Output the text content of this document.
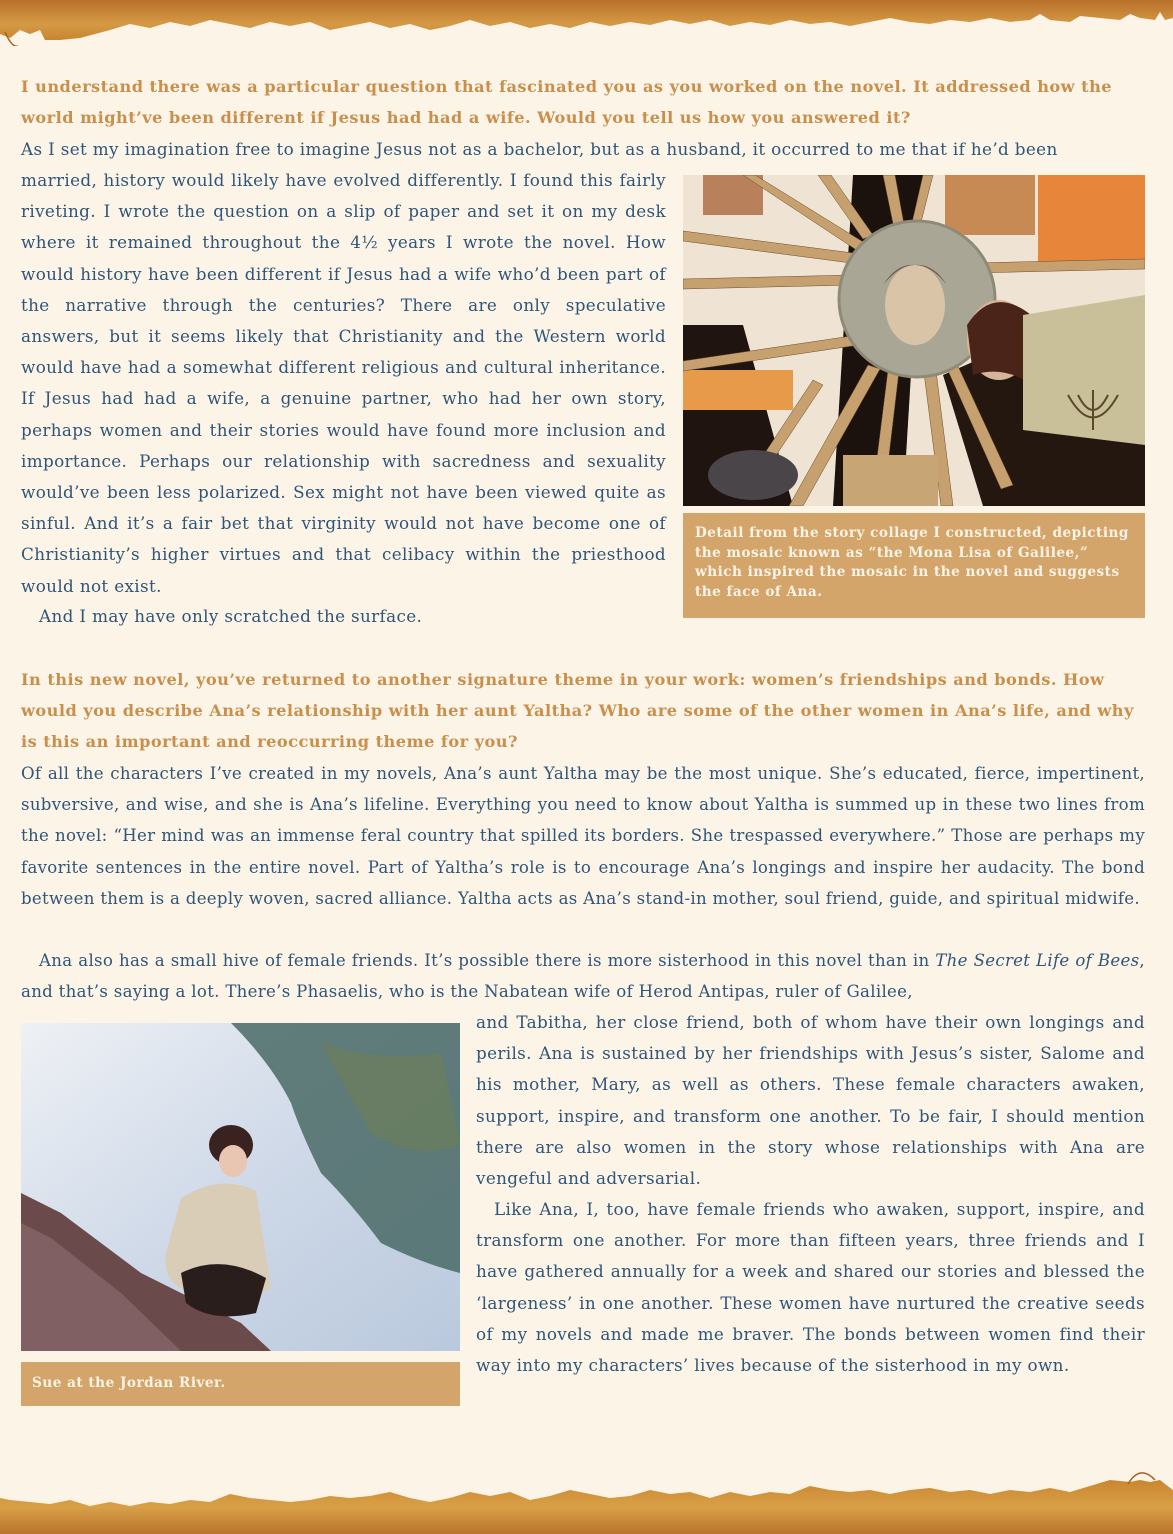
I understand there was a particular question that fascinated you as you worked on the novel. It addressed how the world might’ve been different if Jesus had had a wife. Would you tell us how you answered it?

As I set my imagination free to imagine Jesus not as a bachelor, but as a husband, it occurred to me that if he’d been

married, history would likely have evolved differently. I found this fairly riveting. I wrote the question on a slip of paper and set it on my desk where it remained throughout the 4½ years I wrote the novel. How would history have been different if Jesus had a wife who’d been part of the narrative through the centuries? There are only speculative answers, but it seems likely that Christianity and the Western world would have had a somewhat different religious and cultural inheritance. If Jesus had had a wife, a genuine partner, who had her own story, perhaps women and their stories would have found more inclusion and importance. Perhaps our relationship with sacredness and sexuality would’ve been less polarized. Sex might not have been viewed quite as sinful. And it’s a fair bet that virginity would not have become one of Christianity’s higher virtues and that celibacy within the priesthood would not exist.

And I may have only scratched the surface.

Detail from the story collage I constructed, depicting the mosaic known as “the Mona Lisa of Galilee,” which inspired the mosaic in the novel and suggests the face of Ana.

In this new novel, you’ve returned to another signature theme in your work: women’s friendships and bonds. How would you describe Ana’s relationship with her aunt Yaltha? Who are some of the other women in Ana’s life, and why is this an important and reoccurring theme for you?

Of all the characters I’ve created in my novels, Ana’s aunt Yaltha may be the most unique. She’s educated, fierce, impertinent, subversive, and wise, and she is Ana’s lifeline. Everything you need to know about Yaltha is summed up in these two lines from the novel: “Her mind was an immense feral country that spilled its borders. She trespassed everywhere.” Those are perhaps my favorite sentences in the entire novel. Part of Yaltha’s role is to encourage Ana’s longings and inspire her audacity. The bond between them is a deeply woven, sacred alliance. Yaltha acts as Ana’s stand-in mother, soul friend, guide, and spiritual midwife.

Ana also has a small hive of female friends. It’s possible there is more sisterhood in this novel than in The Secret Life of Bees, and that’s saying a lot. There’s Phasaelis, who is the Nabatean wife of Herod Antipas, ruler of Galilee,

and Tabitha, her close friend, both of whom have their own longings and perils. Ana is sustained by her friendships with Jesus’s sister, Salome and his mother, Mary, as well as others. These female characters awaken, support, inspire, and transform one another. To be fair, I should mention there are also women in the story whose relationships with Ana are vengeful and adversarial.

Like Ana, I, too, have female friends who awaken, support, inspire, and transform one another. For more than fifteen years, three friends and I have gathered annually for a week and shared our stories and blessed the ‘largeness’ in one another. These women have nurtured the creative seeds of my novels and made me braver. The bonds between women find their way into my characters’ lives because of the sisterhood in my own.

Sue at the Jordan River.
